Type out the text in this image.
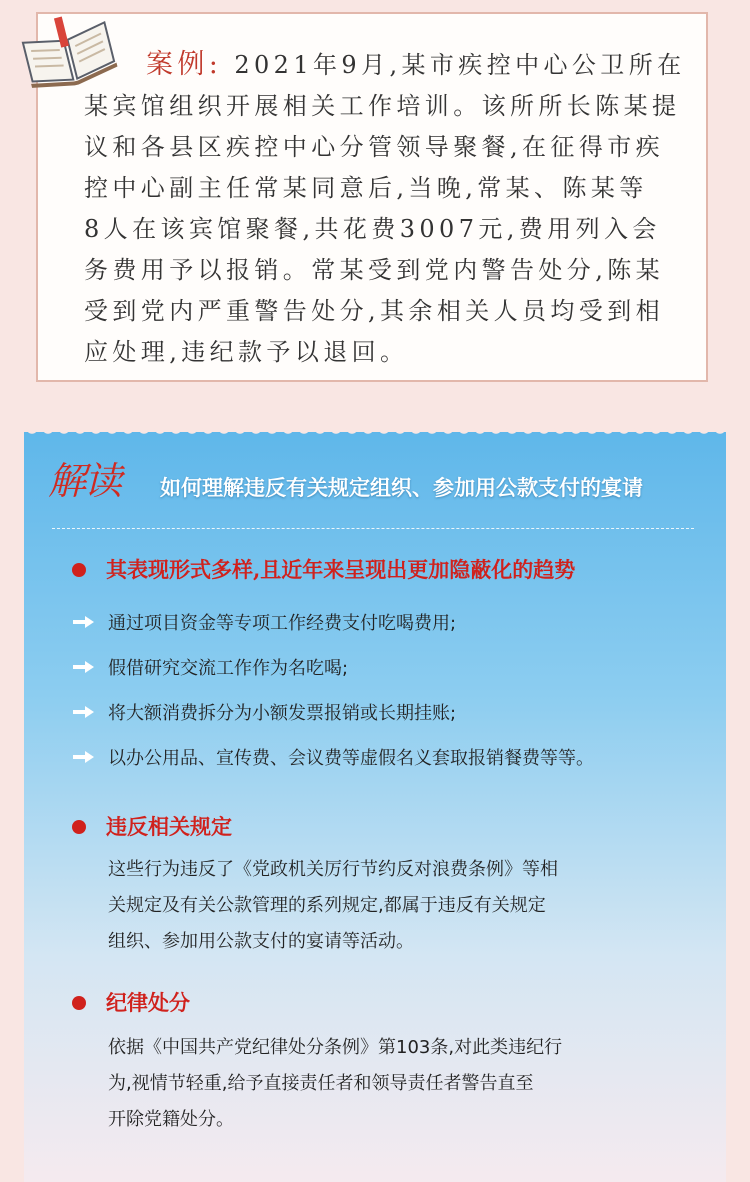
案例: 2021年9月,某市疾控中心公卫所在
某宾馆组织开展相关工作培训。该所所长陈某提
议和各县区疾控中心分管领导聚餐,在征得市疾
控中心副主任常某同意后,当晚,常某、陈某等
8人在该宾馆聚餐,共花费3007元,费用列入会
务费用予以报销。常某受到党内警告处分,陈某
受到党内严重警告处分,其余相关人员均受到相
应处理,违纪款予以退回。

解读 如何理解违反有关规定组织、参加用公款支付的宴请

其表现形式多样,且近年来呈现出更加隐蔽化的趋势

通过项目资金等专项工作经费支付吃喝费用;
假借研究交流工作作为名吃喝;
将大额消费拆分为小额发票报销或长期挂账;
以办公用品、宣传费、会议费等虚假名义套取报销餐费等等。

违反相关规定

这些行为违反了《党政机关厉行节约反对浪费条例》等相
关规定及有关公款管理的系列规定,都属于违反有关规定
组织、参加用公款支付的宴请等活动。

纪律处分

依据《中国共产党纪律处分条例》第103条,对此类违纪行
为,视情节轻重,给予直接责任者和领导责任者警告直至
开除党籍处分。
